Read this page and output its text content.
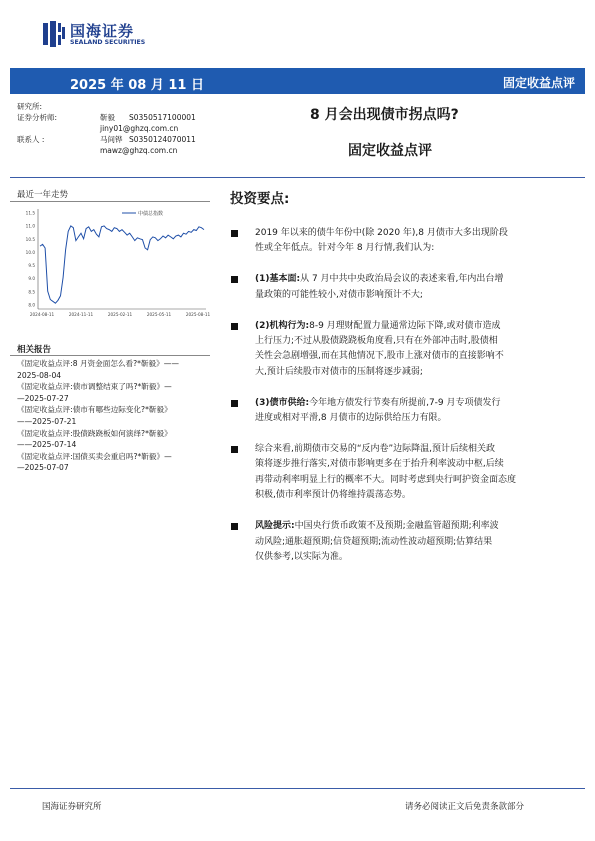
国海证券
SEALAND SECURITIES
2025 年 08 月 11 日	固定收益点评
研究所:
证券分析师:	靳毅 S0350517100001
jiny01@ghzq.com.cn
联系人 :	马间铧 S0350124070011
mawz@ghzq.com.cn
8 月会出现债市拐点吗?
固定收益点评
最近一年走势
中债总指数
11.5
11.0
10.5
10.0
9.5
9.0
8.5
8.0
2024-08-11	2024-11-11	2025-02-11	2025-05-11	2025-08-11
相关报告
《固定收益点评:8 月资金面怎么看?*靳毅》——
2025-08-04
《固定收益点评:债市调整结束了吗?*靳毅》—
—2025-07-27
《固定收益点评:债市有哪些边际变化?*靳毅》
——2025-07-21
《固定收益点评:股债跷跷板如何演绎?*靳毅》
——2025-07-14
《固定收益点评:国债买卖会重启吗?*靳毅》—
—2025-07-07
投资要点:
2019 年以来的债牛年份中(除 2020 年),8 月债市大多出现阶段
性或全年低点。针对今年 8 月行情,我们认为:
(1)基本面:从 7 月中共中央政治局会议的表述来看,年内出台增
量政策的可能性较小,对债市影响预计不大;
(2)机构行为:8-9 月理财配置力量通常边际下降,或对债市造成
上行压力;不过从股债跷跷板角度看,只有在外部冲击时,股债相
关性会急剧增强,而在其他情况下,股市上涨对债市的直接影响不
大,预计后续股市对债市的压制将逐步减弱;
(3)债市供给:今年地方债发行节奏有所提前,7-9 月专项债发行
进度或相对平滑,8 月债市的边际供给压力有限。
综合来看,前期债市交易的“反内卷”边际降温,预计后续相关政
策将逐步推行落实,对债市影响更多在于抬升利率波动中枢,后续
再带动利率明显上行的概率不大。同时考虑到央行呵护资金面态度
积极,债市利率预计仍将维持震荡态势。
风险提示:中国央行货币政策不及预期;金融监管超预期;利率波
动风险;通胀超预期;信贷超预期;流动性波动超预期;估算结果
仅供参考,以实际为准。
国海证券研究所	请务必阅读正文后免责条款部分
